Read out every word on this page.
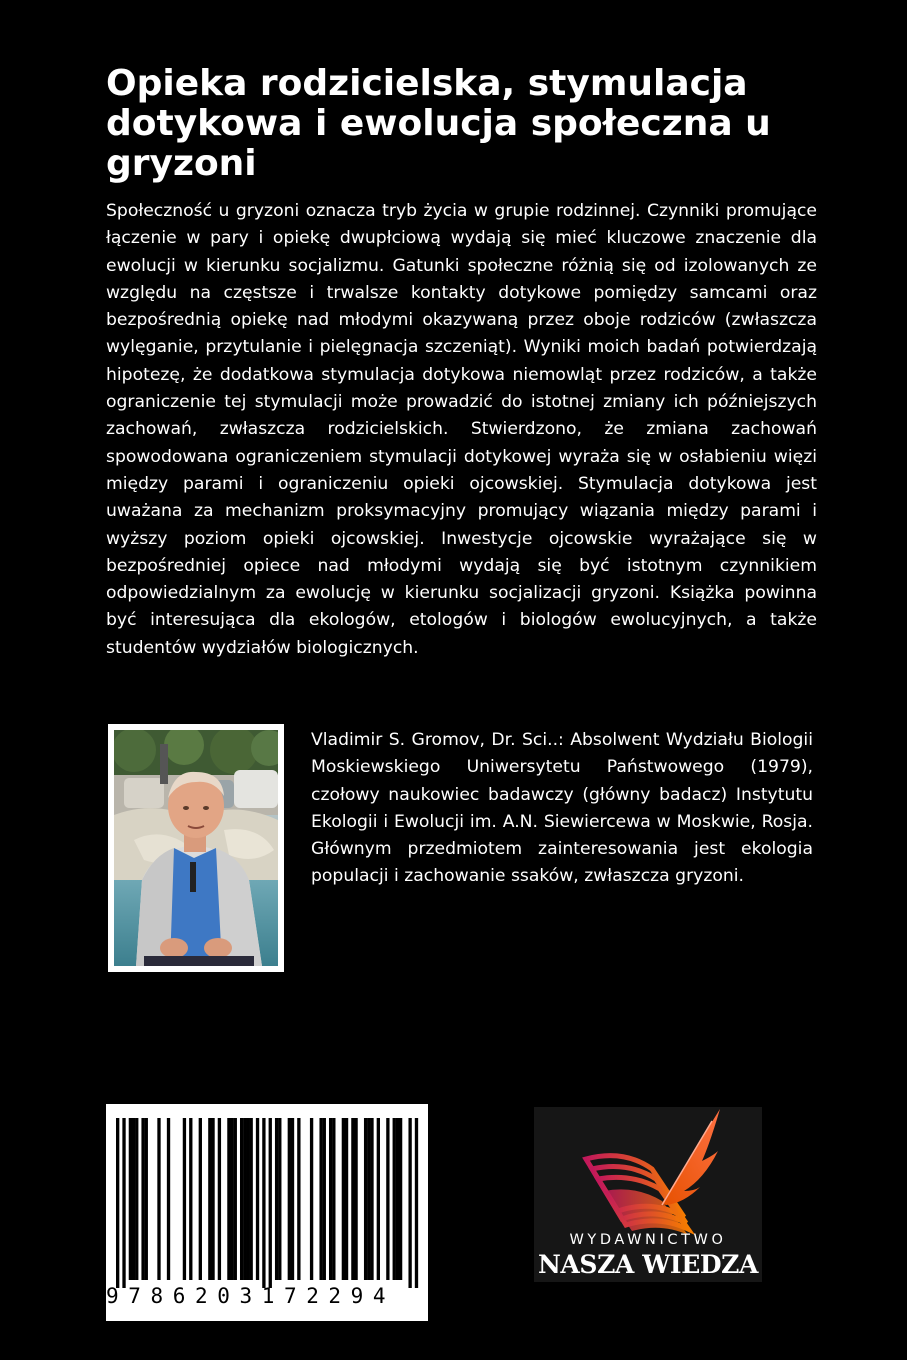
Opieka rodzicielska, stymulacja dotykowa i ewolucja społeczna u gryzoni

Społeczność u gryzoni oznacza tryb życia w grupie rodzinnej. Czynniki promujące łączenie w pary i opiekę dwupłciową wydają się mieć kluczowe znaczenie dla ewolucji w kierunku socjalizmu. Gatunki społeczne różnią się od izolowanych ze względu na częstsze i trwalsze kontakty dotykowe pomiędzy samcami oraz bezpośrednią opiekę nad młodymi okazywaną przez oboje rodziców (zwłaszcza wylęganie, przytulanie i pielęgnacja szczeniąt). Wyniki moich badań potwierdzają hipotezę, że dodatkowa stymulacja dotykowa niemowląt przez rodziców, a także ograniczenie tej stymulacji może prowadzić do istotnej zmiany ich późniejszych zachowań, zwłaszcza rodzicielskich. Stwierdzono, że zmiana zachowań spowodowana ograniczeniem stymulacji dotykowej wyraża się w osłabieniu więzi między parami i ograniczeniu opieki ojcowskiej. Stymulacja dotykowa jest uważana za mechanizm proksymacyjny promujący wiązania między parami i wyższy poziom opieki ojcowskiej. Inwestycje ojcowskie wyrażające się w bezpośredniej opiece nad młodymi wydają się być istotnym czynnikiem odpowiedzialnym za ewolucję w kierunku socjalizacji gryzoni. Książka powinna być interesująca dla ekologów, etologów i biologów ewolucyjnych, a także studentów wydziałów biologicznych.

Vladimir S. Gromov, Dr. Sci..: Absolwent Wydziału Biologii Moskiewskiego Uniwersytetu Państwowego (1979), czołowy naukowiec badawczy (główny badacz) Instytutu Ekologii i Ewolucji im. A.N. Siewiercewa w Moskwie, Rosja. Głównym przedmiotem zainteresowania jest ekologia populacji i zachowanie ssaków, zwłaszcza gryzoni.

9786203172294
WYDAWNICTWO
NASZA WIEDZA
